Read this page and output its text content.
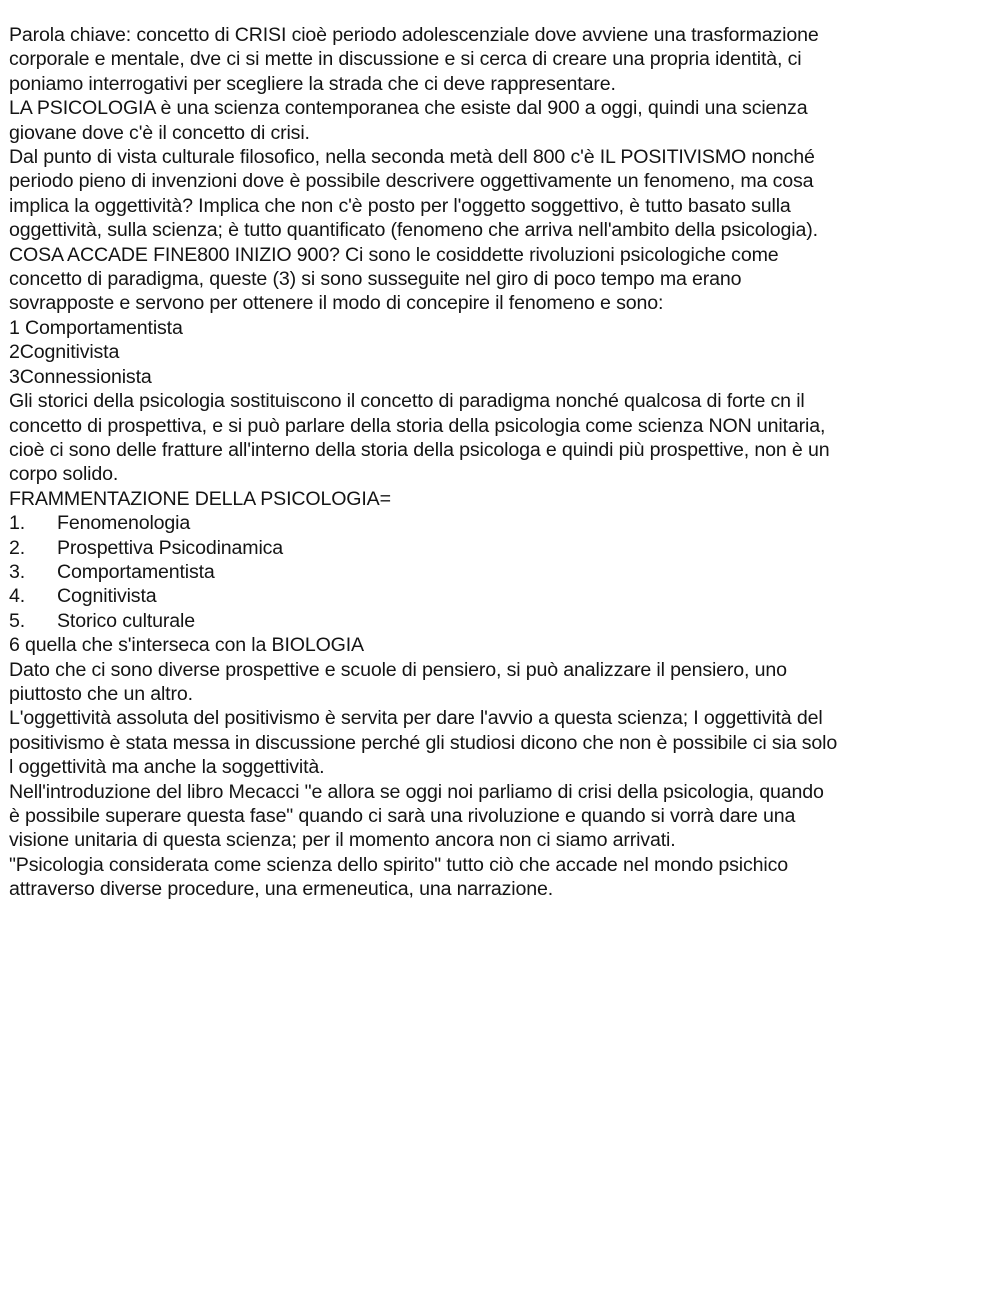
Parola chiave: concetto di CRISI cioè periodo adolescenziale dove avviene una trasformazione
corporale e mentale, dve ci si mette in discussione e si cerca di creare una propria identità, ci
poniamo interrogativi per scegliere la strada che ci deve rappresentare.
LA PSICOLOGIA è una scienza contemporanea che esiste dal 900 a oggi, quindi una scienza
giovane dove c'è il concetto di crisi.
Dal punto di vista culturale filosofico, nella seconda metà dell 800 c'è IL POSITIVISMO nonché
periodo pieno di invenzioni dove è possibile descrivere oggettivamente un fenomeno, ma cosa
implica la oggettività? Implica che non c'è posto per l'oggetto soggettivo, è tutto basato sulla
oggettività, sulla scienza; è tutto quantificato (fenomeno che arriva nell'ambito della psicologia).
COSA ACCADE FINE800 INIZIO 900? Ci sono le cosiddette rivoluzioni psicologiche come
concetto di paradigma, queste (3) si sono susseguite nel giro di poco tempo ma erano
sovrapposte e servono per ottenere il modo di concepire il fenomeno e sono:
1 Comportamentista
2Cognitivista
3Connessionista
Gli storici della psicologia sostituiscono il concetto di paradigma nonché qualcosa di forte cn il
concetto di prospettiva, e si può parlare della storia della psicologia come scienza NON unitaria,
cioè ci sono delle fratture all'interno della storia della psicologa e quindi più prospettive, non è un
corpo solido.
FRAMMENTAZIONE DELLA PSICOLOGIA=
1. Fenomenologia
2. Prospettiva Psicodinamica
3. Comportamentista
4. Cognitivista
5. Storico culturale
6 quella che s'interseca con la BIOLOGIA
Dato che ci sono diverse prospettive e scuole di pensiero, si può analizzare il pensiero, uno
piuttosto che un altro.
L'oggettività assoluta del positivismo è servita per dare l'avvio a questa scienza; I oggettività del
positivismo è stata messa in discussione perché gli studiosi dicono che non è possibile ci sia solo
l oggettività ma anche la soggettività.
Nell'introduzione del libro Mecacci "e allora se oggi noi parliamo di crisi della psicologia, quando
è possibile superare questa fase" quando ci sarà una rivoluzione e quando si vorrà dare una
visione unitaria di questa scienza; per il momento ancora non ci siamo arrivati.
"Psicologia considerata come scienza dello spirito" tutto ciò che accade nel mondo psichico
attraverso diverse procedure, una ermeneutica, una narrazione.
